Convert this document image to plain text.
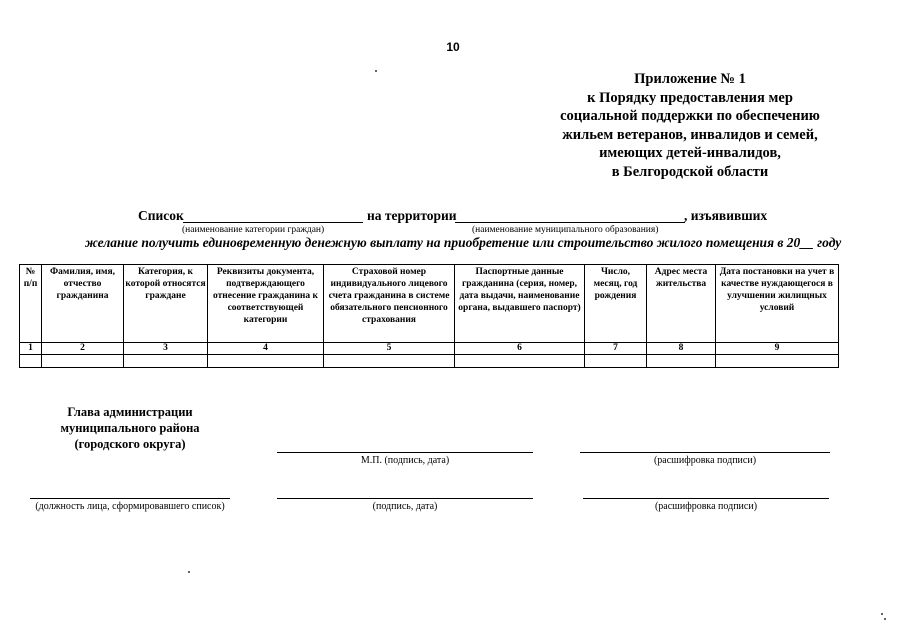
10
Приложение № 1
к Порядку предоставления мер
социальной поддержки по обеспечению
жильем ветеранов, инвалидов и семей,
имеющих детей-инвалидов,
в Белгородской области
Список	на территории	, изъявивших
(наименование категории граждан)	(наименование муниципального образования)
желание получить единовременную денежную выплату на приобретение или строительство жилого помещения в 20__ году
№ п/п	Фамилия, имя, отчество гражданина	Категория, к которой относятся граждане	Реквизиты документа, подтверждающего отнесение гражданина к соответствующей категории	Страховой номер индивидуального лицевого счета гражданина в системе обязательного пенсионного страхования	Паспортные данные гражданина (серия, номер, дата выдачи, наименование органа, выдавшего паспорт)	Число, месяц, год рождения	Адрес места жительства	Дата постановки на учет в качестве нуждающегося в улучшении жилищных условий
1	2	3	4	5	6	7	8	9

Глава администрации муниципального района (городского округа)
М.П. (подпись, дата)	(расшифровка подписи)
(должность лица, сформировавшего список)	(подпись, дата)	(расшифровка подписи)
